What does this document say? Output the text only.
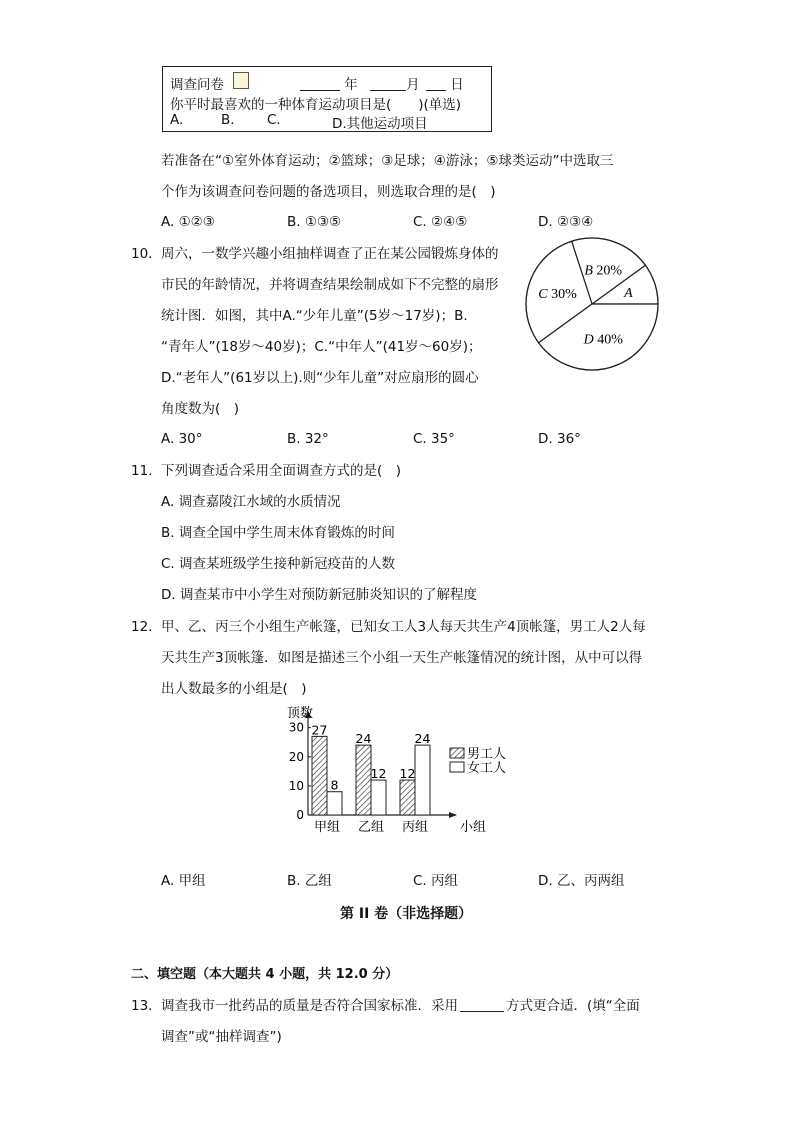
调查问卷	年	月 日
你平时最喜欢的一种体育运动项目是(　　)(单选)
A.	B. C.	D.其他运动项目
若准备在“①室外体育运动；②篮球；③足球；④游泳；⑤球类运动”中选取三
个作为该调查问卷问题的备选项目，则选取合理的是(　)
A. ①②③	B. ①③⑤	C. ②④⑤	D. ②③④
10. 周六，一数学兴趣小组抽样调查了正在某公园锻炼身体的
市民的年龄情况，并将调查结果绘制成如下不完整的扇形
统计图．如图，其中A.“少年儿童”(5岁～17岁)；B.
“青年人”(18岁～40岁)；C.“中年人”(41岁～60岁)；
D.“老年人”(61岁以上).则“少年儿童”对应扇形的圆心
角度数为(　)
A
B 20%
C 30%
D 40%
A. 30°	B. 32°	C. 35°	D. 36°
11. 下列调查适合采用全面调查方式的是(　)
A. 调查嘉陵江水域的水质情况
B. 调查全国中学生周末体育锻炼的时间
C. 调查某班级学生接种新冠疫苗的人数
D. 调查某市中小学生对预防新冠肺炎知识的了解程度
12. 甲、乙、丙三个小组生产帐篷，已知女工人3人每天共生产4顶帐篷，男工人2人每
天共生产3顶帐篷．如图是描述三个小组一天生产帐篷情况的统计图，从中可以得
出人数最多的小组是(　)
顶数
小组
0
10
20
30 27
8
甲组
24
12
乙组
12
24
丙组
男工人
女工人
A. 甲组	B. 乙组	C. 丙组	D. 乙、丙两组
第 II 卷（非选择题）
二、填空题（本大题共 4 小题，共 12.0 分）
13. 调查我市一批药品的质量是否符合国家标准．采用	方式更合适．(填“全面
调查”或“抽样调查”)
